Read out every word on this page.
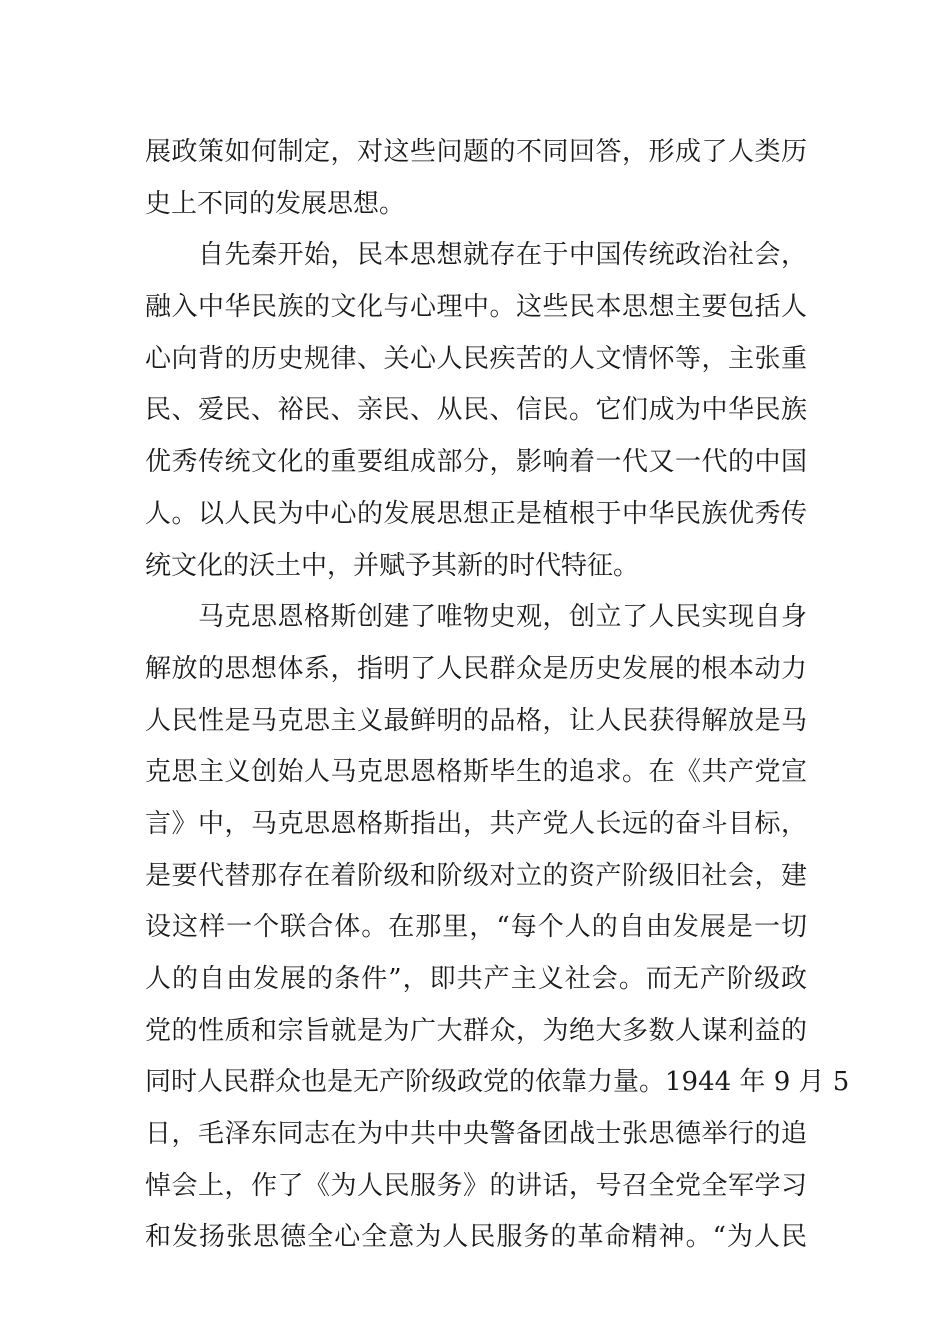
展政策如何制定，对这些问题的不同回答，形成了人类历
史上不同的发展思想。
　　自先秦开始，民本思想就存在于中国传统政治社会，
融入中华民族的文化与心理中。这些民本思想主要包括人
心向背的历史规律、关心人民疾苦的人文情怀等，主张重
民、爱民、裕民、亲民、从民、信民。它们成为中华民族
优秀传统文化的重要组成部分，影响着一代又一代的中国
人。以人民为中心的发展思想正是植根于中华民族优秀传
统文化的沃土中，并赋予其新的时代特征。
　　马克思恩格斯创建了唯物史观，创立了人民实现自身
解放的思想体系，指明了人民群众是历史发展的根本动力
人民性是马克思主义最鲜明的品格，让人民获得解放是马
克思主义创始人马克思恩格斯毕生的追求。在《共产党宣
言》中，马克思恩格斯指出，共产党人长远的奋斗目标，
是要代替那存在着阶级和阶级对立的资产阶级旧社会，建
设这样一个联合体。在那里，“每个人的自由发展是一切
人的自由发展的条件”，即共产主义社会。而无产阶级政
党的性质和宗旨就是为广大群众，为绝大多数人谋利益的
同时人民群众也是无产阶级政党的依靠力量。1944 年 9 月 5
日，毛泽东同志在为中共中央警备团战士张思德举行的追
悼会上，作了《为人民服务》的讲话，号召全党全军学习
和发扬张思德全心全意为人民服务的革命精神。“为人民
